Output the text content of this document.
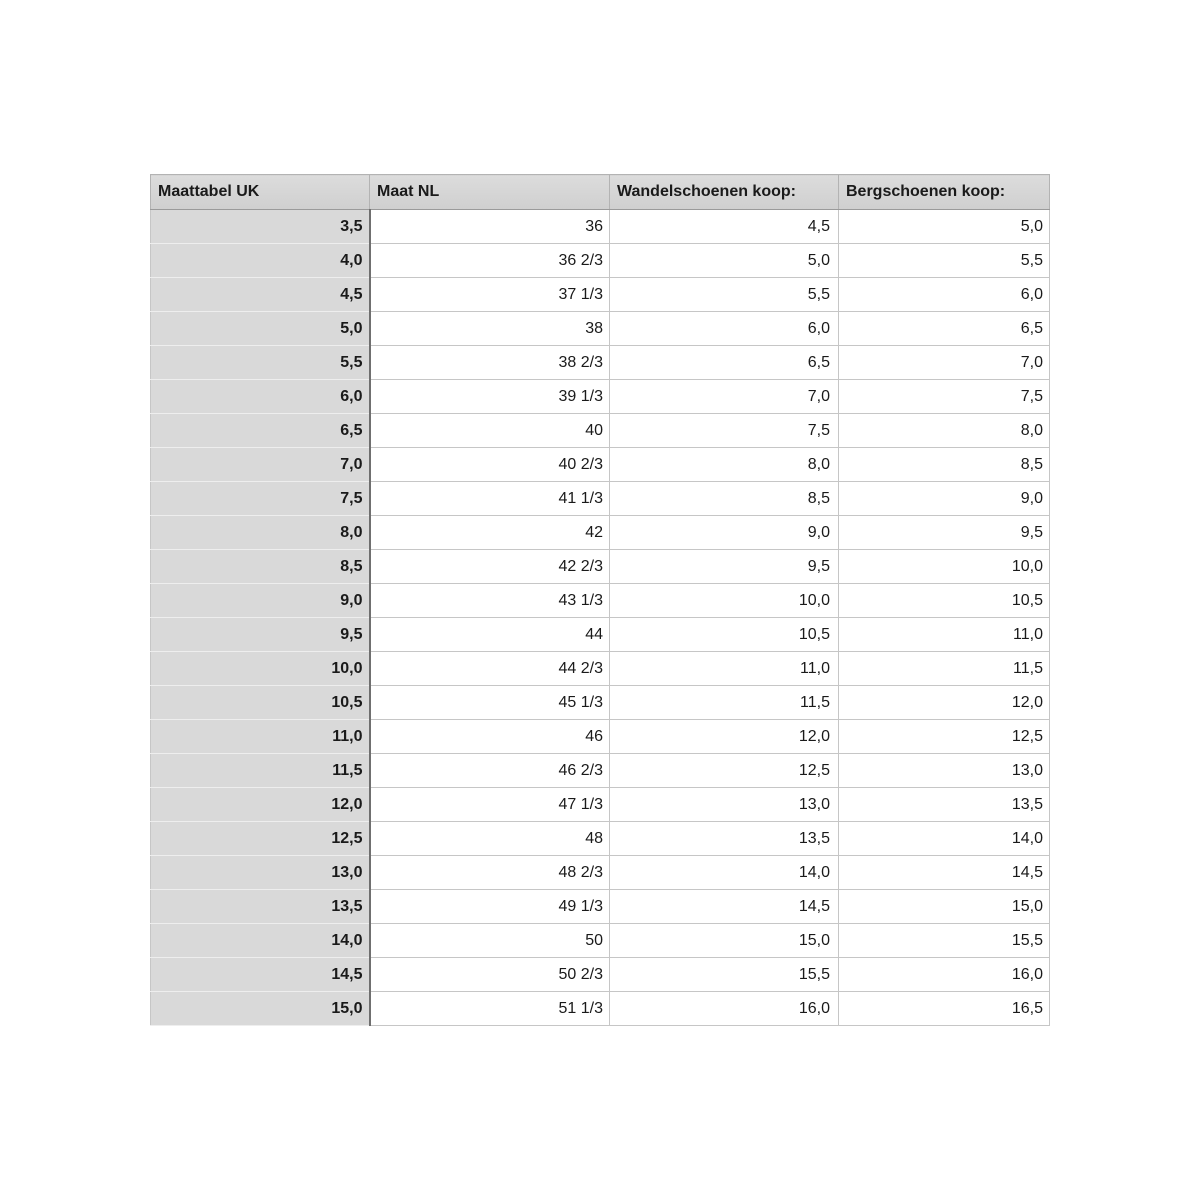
Maattabel UK	Maat NL	Wandelschoenen koop:	Bergschoenen koop:
3,5	36	4,5	5,0
4,0	36 2/3	5,0	5,5
4,5	37 1/3	5,5	6,0
5,0	38	6,0	6,5
5,5	38 2/3	6,5	7,0
6,0	39 1/3	7,0	7,5
6,5	40	7,5	8,0
7,0	40 2/3	8,0	8,5
7,5	41 1/3	8,5	9,0
8,0	42	9,0	9,5
8,5	42 2/3	9,5	10,0
9,0	43 1/3	10,0	10,5
9,5	44	10,5	11,0
10,0	44 2/3	11,0	11,5
10,5	45 1/3	11,5	12,0
11,0	46	12,0	12,5
11,5	46 2/3	12,5	13,0
12,0	47 1/3	13,0	13,5
12,5	48	13,5	14,0
13,0	48 2/3	14,0	14,5
13,5	49 1/3	14,5	15,0
14,0	50	15,0	15,5
14,5	50 2/3	15,5	16,0
15,0	51 1/3	16,0	16,5
